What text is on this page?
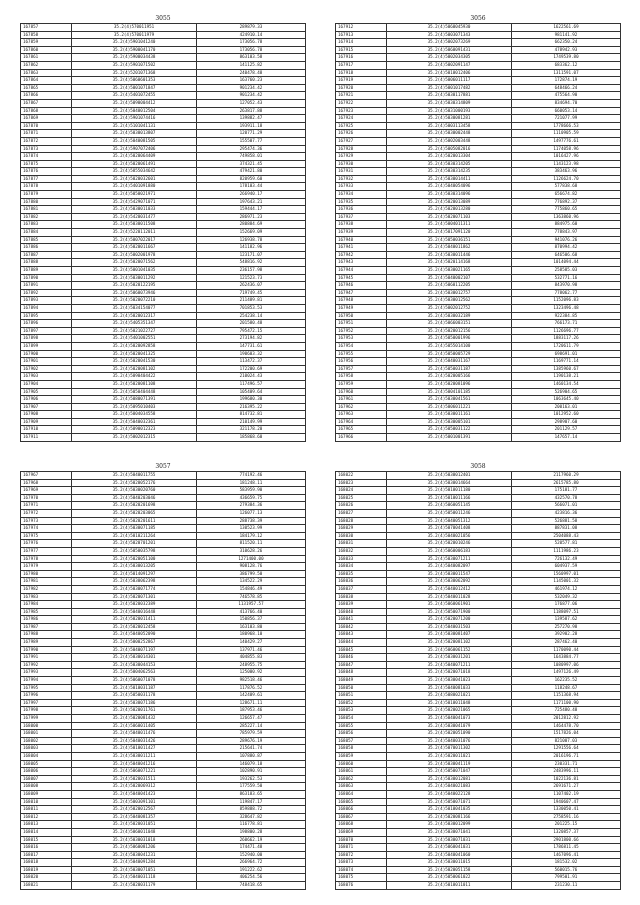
3055
167857	35.2(4)570011951	289879.33
167858	35.2(4)570011979	424910.14
167859	35.2(4)5901041240	173056.78
167860	35.2(4)5900041170	173056.78
167861	35.2(4)5900034438	863103.58
167862	35.2(4)5901071502	141125.82
167863	35.2(4)5201071368	240478.48
167864	35.2(4)5060601353	163760.23
167865	35.2(4)5001071847	901234.42
167866	35.2(4)5401072455	901234.42
167867	35.2(4)5090004412	127052.43
167868	35.2(4)5040012504	263817.88
167869	35.2(4)5901074416	139882.47
167870	35.2(4)5101041131	193911.18
167871	35.2(4)5030013807	120771.29
167872	35.2(4)5040081505	155507.77
167873	35.2(4)5907072406	295474.36
167874	35.2(4)5020064409	749858.01
167875	35.2(4)5020061491	374321.45
167876	35.2(4)5855034642	479421.80
167877	35.2(4)5020032601	820959.60
167878	35.2(4)5401091880	178103.44
167879	35.2(4)5050021971	266940.17
167880	35.2(4)5429071071	197643.21
167881	35.2(4)5030011033	159444.17
167882	35.2(4)5420031477	286971.23
167883	35.2(4)5030011508	280884.69
167884	35.2(4)5220112011	152669.09
167885	35.2(4)5007022017	126938.78
167886	35.2(4)5020011667	141182.96
167887	35.2(4)5002001978	123171.07
167888	35.2(4)5020071562	548816.92
167889	35.2(4)5001041035	236157.98
167890	35.2(4)5030011292	121523.73
167891	35.2(4)5020122195	262436.07
167892	35.2(4)5060073946	719749.45
167893	35.2(4)5020072210	211489.81
167894	35.2(4)5034154077	701853.53
167895	35.2(4)5020012317	254238.14
167896	35.2(4)5405351347	201580.48
167897	35.2(4)5021022727	795472.15
167898	35.2(4)5401002551	273194.82
167899	35.2(4)5020092858	147731.61
167900	35.2(4)5020041325	190603.32
167901	35.2(4)5020041530	113472.37
167902	35.2(4)5020081102	172200.69
167903	35.2(4)5090404422	210024.43
167904	35.2(4)5020081108	117496.57
167905	35.2(4)5050404448	105409.64
167906	35.2(4)5080071391	199680.30
167907	35.2(4)5095010403	216395.22
167908	35.2(4)5004034558	814732.81
167909	35.2(4)5040032361	210149.99
167910	35.2(4)5090012323	321178.20
167911	35.2(4)5002012315	185868.60
3056
167912	35.2(4)5060045930	1622561.69
167913	35.2(4)5003071343	981141.92
167914	35.2(4)5002073269	662350.24
167915	35.2(4)5060091431	478942.93
167916	35.2(4)5002034305	1749539.80
167917	35.2(4)5002091147	683362.12
167918	35.2(4)5010012406	1311591.07
167919	35.2(4)5006011117	172874.19
167920	35.2(4)5001017482	648466.24
167921	35.2(4)5030117881	475564.90
167922	35.2(4)5030314809	834694.70
167923	35.2(4)5031000193	660053.14
167924	35.2(4)5030081281	721077.99
167925	35.2(4)5003113458	1778666.53
167926	35.2(4)5030002448	1110905.59
167927	35.2(4)5002003448	1497776.61
167928	35.2(4)5005082016	1174058.96
167929	35.2(4)5020013304	1016427.96
167930	35.2(4)5030314205	1143123.98
167931	35.2(4)5030314235	383463.96
167932	35.2(4)5030014411	1126624.70
167933	35.2(4)5040054096	577838.68
167934	35.2(4)5030314096	656674.82
167935	35.2(4)5020013089	776892.37
167936	35.2(4)5020013280	775860.65
167937	35.2(4)5020071103	1363860.96
167938	35.2(4)5004011311	884975.60
167939	35.2(4)5017091120	778843.97
167940	35.2(4)5050036151	941076.26
167941	35.2(4)5040011862	870994.42
167942	35.2(4)5030011446	646506.68
167943	35.2(4)5020114168	1014094.44
167944	35.2(4)5030021165	258585.03
167945	35.2(4)5040002107	532771.16
167946	35.2(4)5060112205	843970.98
167947	35.2(4)5030012757	778062.77
167948	35.2(4)5030012562	1152096.83
167949	35.2(4)5002012752	1323496.48
167950	35.2(4)5030032189	922384.85
167951	35.2(4)5066003151	766173.71
167952	35.2(4)5020012156	1126696.77
167953	35.2(4)5050001996	1883117.26
167954	35.2(4)5055014100	1720611.79
167955	35.2(4)5050005729	698691.01
167956	35.2(4)5040031167	1169771.14
167957	35.2(4)5050031187	1385960.67
167958	35.2(4)5020005166	1190138.21
167959	35.2(4)5020081096	1460134.54
167960	35.2(4)5004101185	526904.65
167961	35.2(4)5030041561	1063645.40
167962	35.2(4)5006011221	200163.01
167963	35.2(4)5030011161	1012952.60
167964	35.2(4)5030005101	298907.60
167965	35.2(4)5050031122	201129.57
167966	35.2(4)5001001391	147657.14
3057
167967	35.2(4)5040011755	774192.46
167968	35.2(4)5020052176	181248.11
167969	35.2(4)5030020760	583959.90
167970	35.2(4)5040203046	436659.75
167971	35.2(4)5020201698	279384.36
167972	35.2(4)5020203065	126077.13
167973	35.2(4)5020201611	288738.39
167974	35.2(4)5030071185	130523.99
167975	35.2(4)5010211264	184179.12
167976	35.2(4)5020701201	811520.11
167977	35.2(4)5050035798	310628.26
167978	35.2(4)5020051100	1271400.00
167979	35.2(4)5030013205	908128.76
167980	35.2(4)5014091297	386799.50
167981	35.2(4)5030062398	134522.29
167982	35.2(4)5030071774	154846.49
167983	35.2(4)5020071301	746578.85
167984	35.2(4)5020032389	1131957.57
167985	35.2(4)5040016448	413766.40
167986	35.2(4)5020011411	150856.37
167987	35.2(4)5020012458	163103.80
167988	35.2(4)5040052090	180968.10
167989	35.2(4)5000252867	140429.27
167990	35.2(4)5040071197	137971.46
167991	35.2(4)5030014301	404855.83
167992	35.2(4)5030044153	248955.75
167993	35.2(4)5004062563	125000.92
167994	35.2(4)5060071078	982518.46
167995	35.2(4)5010031187	117876.52
167996	35.2(4)5050031178	142409.61
167997	35.2(4)5030071186	128671.11
167998	35.2(4)5020011761	187953.46
167999	35.2(4)5020081432	126657.47
168000	35.2(4)5060011405	285227.14
168001	35.2(4)5040011476	785979.59
168002	35.2(4)5040031426	289676.19
168003	35.2(4)5010011427	215641.74
168004	35.2(4)5030011211	107880.87
168005	35.2(4)5040041216	146079.18
168006	35.2(4)5060071221	102890.91
168007	35.2(4)5020031511	193262.53
168008	35.2(4)5020069312	177559.50
168009	35.2(4)5040041423	863183.65
168010	35.2(4)5003091101	119847.17
168011	35.2(4)5020012567	859888.72
168012	35.2(4)5040081357	328647.82
168013	35.2(4)5020031051	116778.81
168014	35.2(4)5060011048	198800.28
168015	35.2(4)5030031018	260662.19
168016	35.2(4)5060081206	174471.48
168017	35.2(4)5030041231	152940.00
168018	35.2(4)5040091284	266964.72
168019	35.2(4)5030071051	191222.62
168020	35.2(4)5040031118	406254.56
168021	35.2(4)5020031179	748418.65
3058
168022	35.2(4)5030012401	2117960.29
168023	35.2(4)5030014664	2615785.80
168024	35.2(4)5010011180	175181.77
168025	35.2(4)5010011166	432570.78
168026	35.2(4)5060051145	566071.01
168027	35.2(4)5050011246	423816.36
168028	35.2(4)5040051312	526881.58
168029	35.2(4)5070041408	887831.08
168030	35.2(4)5040021056	2504088.43
168031	35.2(4)5020010246	520577.81
168032	35.2(4)5060006183	1111986.23
168033	35.2(4)5030071211	726132.49
168034	35.2(4)5040082097	604937.59
168035	35.2(4)5030011547	1560997.01
168036	35.2(4)5030062092	1145001.32
168037	35.2(4)5040012412	461974.12
168038	35.2(4)5040011028	532049.32
168039	35.2(4)5060061901	176877.06
168040	35.2(4)5050071900	1188097.51
168041	35.2(4)5020071200	139587.62
168042	35.2(4)5040031503	257270.98
168043	35.2(4)5030081407	392902.28
168044	35.2(4)5020081102	287462.40
168045	35.2(4)5060061152	1170090.44
168046	35.2(4)5030031201	1643884.77
168047	35.2(4)5040071211	1080997.06
168048	35.2(4)5020071018	1497126.49
168049	35.2(4)5030041023	162235.52
168050	35.2(4)5040081033	118248.67
168051	35.2(4)5080021021	1151368.94
168052	35.2(4)5010011048	1171100.90
168053	35.2(4)5020021065	725480.48
168054	35.2(4)5040041073	2012812.92
168055	35.2(4)5030041079	1464478.70
168056	35.2(4)5020051090	1517826.04
168057	35.2(4)5040031076	821007.03
168058	35.2(4)5070011302	1291556.64
168059	35.2(4)5020011021	2016196.71
168060	35.2(4)5030041119	230331.71
168061	35.2(4)5050071047	2483996.11
168062	35.2(4)5030012081	1022136.81
168063	35.2(4)5040021083	2691671.27
168064	35.2(4)5040022128	1107402.19
168065	35.2(4)5050071071	1940607.47
168066	35.2(4)5010041035	1330050.41
168067	35.2(4)5020081166	2758591.16
168068	35.2(4)5030012099	201225.15
168069	35.2(4)5030071041	1320857.37
168070	35.2(4)5030071031	2901800.66
168071	35.2(4)5060041031	1786811.45
168072	35.2(4)5040041060	1467096.41
168073	35.2(4)5030011015	181532.02
168074	35.2(4)5020051158	560015.76
168075	35.2(4)5050061022	799501.91
168076	35.2(4)5010011011	231230.11
